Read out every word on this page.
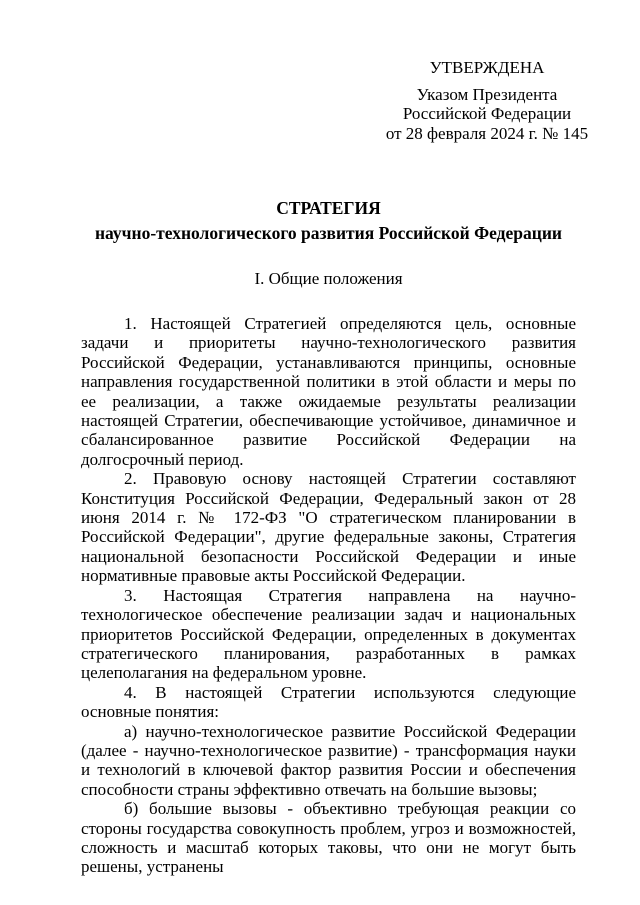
УТВЕРЖДЕНА
Указом Президента
Российской Федерации
от 28 февраля 2024 г. № 145
СТРАТЕГИЯ
научно-технологического развития Российской Федерации
I. Общие положения

1. Настоящей Стратегией определяются цель, основные задачи и приоритеты научно-технологического развития Российской Федерации, устанавливаются принципы, основные направления государственной политики в этой области и меры по ее реализации, а также ожидаемые результаты реализации настоящей Стратегии, обеспечивающие устойчивое, динамичное и сбалансированное развитие Российской Федерации на долгосрочный период.

2. Правовую основу настоящей Стратегии составляют Конституция Российской Федерации, Федеральный закон от 28 июня 2014 г. № 172-ФЗ "О стратегическом планировании в Российской Федерации", другие федеральные законы, Стратегия национальной безопасности Российской Федерации и иные нормативные правовые акты Российской Федерации.

3. Настоящая Стратегия направлена на научно-технологическое обеспечение реализации задач и национальных приоритетов Российской Федерации, определенных в документах стратегического планирования, разработанных в рамках целеполагания на федеральном уровне.

4. В настоящей Стратегии используются следующие основные понятия:

а) научно-технологическое развитие Российской Федерации (далее - научно-технологическое развитие) - трансформация науки и технологий в ключевой фактор развития России и обеспечения способности страны эффективно отвечать на большие вызовы;

б) большие вызовы - объективно требующая реакции со стороны государства совокупность проблем, угроз и возможностей, сложность и масштаб которых таковы, что они не могут быть решены, устранены
